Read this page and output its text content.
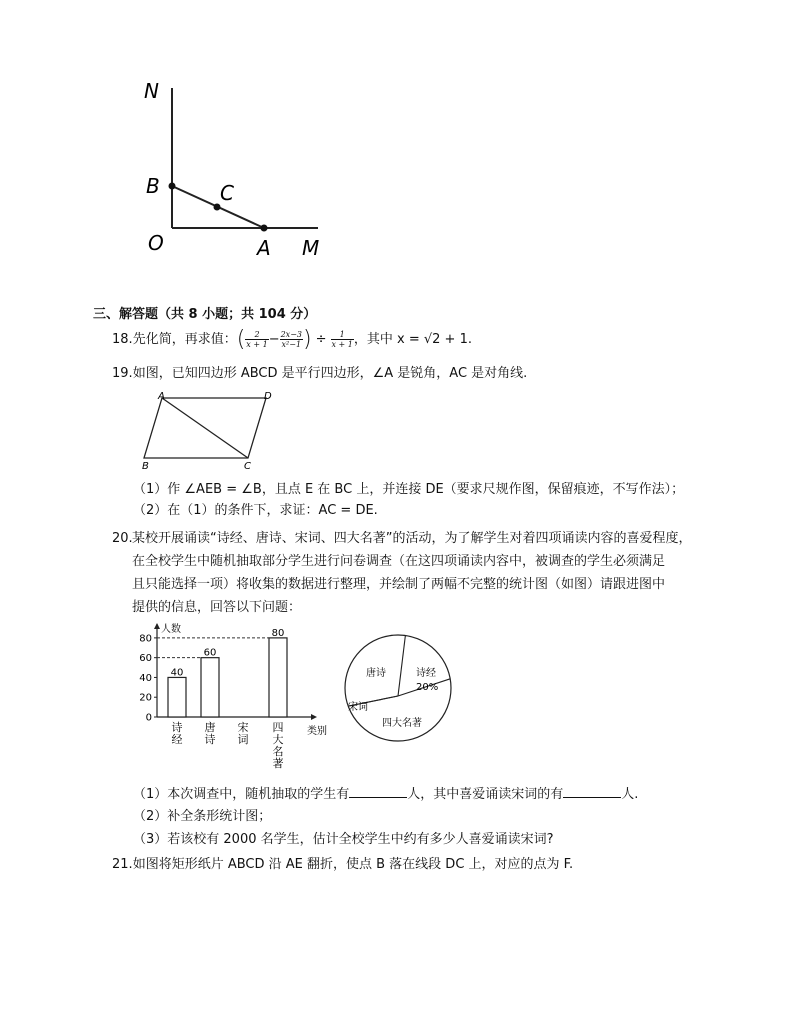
N
B	C
O	A M
三、解答题（共 8 小题；共 104 分）
18. 先化简，再求值： ( $\frac{2}{x + 1} - \frac{2x-3}{\text{x²−1}}$ ) ÷ $\frac{1}{x + 1}$ ，其中 x = √2 + 1.
19.如图，已知四边形 ABCD 是平行四边形，∠A 是锐角，AC 是对角线.
A	D
B	C
（1）作 ∠AEB = ∠B，且点 E 在 BC 上，并连接 DE（要求尺规作图，保留痕迹，不写作法）；
（2）在（1）的条件下，求证：AC = DE.
20. 某校开展诵读“诗经、唐诗、宋词、四大名著”的活动，为了解学生对着四项诵读内容的喜爱程度，
在全校学生中随机抽取部分学生进行问卷调查（在这四项诵读内容中，被调查的学生必须满足
且只能选择一项）将收集的数据进行整理，并绘制了两幅不完整的统计图（如图）请跟进图中
提供的信息，回答以下问题：
人数
类别
0
20
40
60
80
40
诗
经
60
唐
诗
宋
词
80
四
大
名
著
诗经
20%
唐诗
宋词
四大名著
（1）本次调查中，随机抽取的学生有	人，其中喜爱诵读宋词的有	人.
（2）补全条形统计图；
（3）若该校有 2000 名学生，估计全校学生中约有多少人喜爱诵读宋词?
21.如图将矩形纸片 ABCD 沿 AE 翻折，使点 B 落在线段 DC 上，对应的点为 F.
